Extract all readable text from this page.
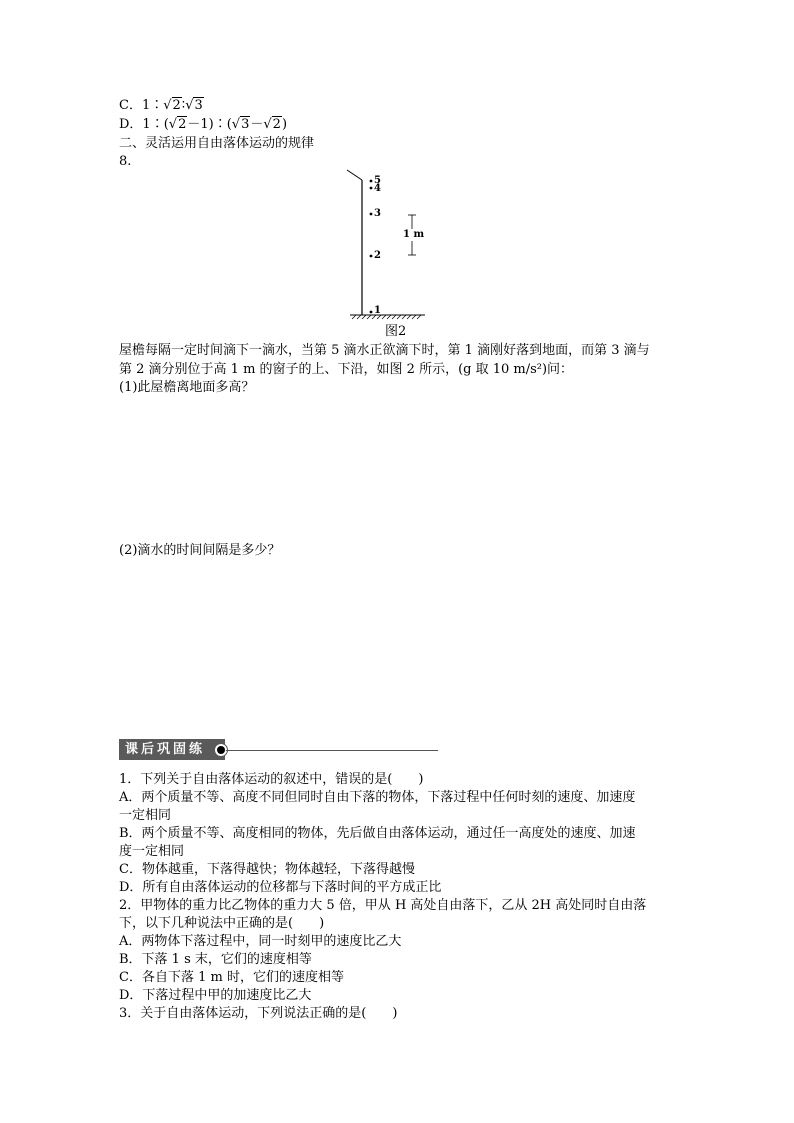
C．1∶√2∶√3
D．1∶(√2－1)∶(√3－√2)
二、灵活运用自由落体运动的规律
8.
5
4
3
2
1
1 m
图2
屋檐每隔一定时间滴下一滴水，当第 5 滴水正欲滴下时，第 1 滴刚好落到地面，而第 3 滴与
第 2 滴分别位于高 1 m 的窗子的上、下沿，如图 2 所示，(g 取 10 m/s²)问：
(1)此屋檐离地面多高？
(2)滴水的时间间隔是多少？
课后巩固练
1．下列关于自由落体运动的叙述中，错误的是(　　)
A．两个质量不等、高度不同但同时自由下落的物体，下落过程中任何时刻的速度、加速度
一定相同
B．两个质量不等、高度相同的物体，先后做自由落体运动，通过任一高度处的速度、加速
度一定相同
C．物体越重，下落得越快；物体越轻，下落得越慢
D．所有自由落体运动的位移都与下落时间的平方成正比
2．甲物体的重力比乙物体的重力大 5 倍，甲从 H 高处自由落下，乙从 2H 高处同时自由落
下，以下几种说法中正确的是(　　)
A．两物体下落过程中，同一时刻甲的速度比乙大
B．下落 1 s 末，它们的速度相等
C．各自下落 1 m 时，它们的速度相等
D．下落过程中甲的加速度比乙大
3．关于自由落体运动，下列说法正确的是(　　)
